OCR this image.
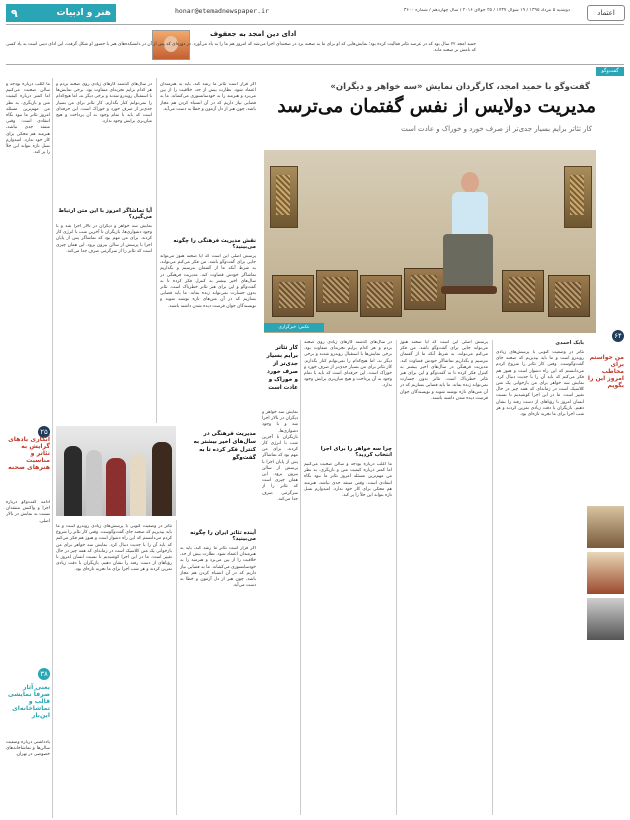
هنر و ادبیات
۹	honar@etemadnewspaper.ir	دوشنبه ۵ مرداد ۱۳۹۵ / ۱۹ شوال ۱۴۳۷ / ۲۵ جولای ۲۰۱۶ / سال چهاردهم / شماره ۳۶۰۰	اعتماد
ادای دین امجد به جعفوف
حمید امجد ۲۲ سال بود که در عرصه تئاتر فعالیت کرده بود؛ نمایش‌هایی که او برای ما به صحنه برد در صحنه‌ای اجرا می‌شد که امروز هم ما را به یاد می‌آورد. در دوره‌ای که پس از آن در دانشکده‌های هنر با حضور او شکل گرفت، این ادای دینی است به یاد کسی که نامش بر صحنه ماند.
گفت‌وگو
گفت‌وگو با حمید امجد، کارگردان نمایش «سه خواهر و دیگران»
مدیریت دولایس از نفس گفتمان می‌ترسد
کار تئاتر برایم بسیار جدی‌تر از صرف خورد و خوراک و عادت است
عکس: خبرگزاری
۶۴
من خواستم برای مخاطب امروز این را بگویم
بابک احمدی
تئاتر در وضعیت کنونی با پرسش‌های زیادی روبه‌رو است و ما باید بپذیریم که صحنه جای گفت‌وگوست. وقتی کار تئاتر را شروع کردم می‌دانستم که این راه دشوار است و هنوز هم فکر می‌کنم که باید آن را با جدیت دنبال کرد. نمایش سه خواهر برای من بازخوانی یک متن کلاسیک است در زمانه‌ای که همه چیز در حال تغییر است. ما در این اجرا کوشیدیم تا نسبت انسان امروز با رؤیاهای از دست رفته را نشان دهیم. بازیگران با دقت زیادی تمرین کردند و هر شب اجرا برای ما تجربه تازه‌ای بود.
پرسش اصلی این است که آیا صحنه هنوز می‌تواند جایی برای گفت‌وگو باشد. من فکر می‌کنم می‌تواند، به شرط آنکه ما از گفتمان نترسیم و بگذاریم تماشاگر خودش قضاوت کند. مدیریت فرهنگی در سال‌های اخیر بیشتر به کنترل فکر کرده تا به گفت‌وگو و این برای هنر تئاتر خطرناک است. تئاتر بدون جسارت نمی‌تواند زنده بماند. ما باید فضایی بسازیم که در آن متن‌های تازه نوشته شوند و نویسندگان جوان فرصت دیده شدن داشته باشند.
در سال‌های گذشته کارهای زیادی روی صحنه بردم و هر کدام برایم تجربه‌ای متفاوت بود. برخی نمایش‌ها با استقبال روبه‌رو شدند و برخی دیگر نه، اما هیچ‌کدام را نمی‌توانم کنار بگذارم. کار تئاتر برای من بسیار جدی‌تر از صرف خورد و خوراک است. این حرفه‌ای است که باید با تمام وجود به آن پرداخت و هیچ میان‌بری برایش وجود ندارد.
چرا سه خواهر را برای اجرا انتخاب کردید؟
ما اغلب درباره بودجه و سالن صحبت می‌کنیم اما کمتر درباره کیفیت متن و بازیگری. به نظر من مهم‌ترین مسئله امروز تئاتر ما نبود نگاه انتقادی است. وقتی منتقد جدی نباشد، هنرمند هم محکی برای کار خود ندارد. امیدوارم نسل تازه بتواند این خلأ را پر کند.
کار تئاتر برایم بسیار جدی‌تر از صرف خورد و خوراک و عادت است
نمایش سه خواهر و دیگران در تالار اجرا شد و با وجود دشواری‌ها، بازیگران تا آخرین شب با انرژی کار کردند. برای من مهم بود که تماشاگر پس از پایان اجرا با پرسش از سالن بیرون برود. این همان چیزی است که تئاتر را از سرگرمی صرف جدا می‌کند.
اگر قرار است تئاتر ما رشد کند، باید به هنرمندان اعتماد شود. نظارت بیش از حد، خلاقیت را از بین می‌برد و هنرمند را به خودسانسوری می‌کشاند. ما به فضایی نیاز داریم که در آن اشتباه کردن هم مجاز باشد، چون هنر از دل آزمون و خطا به دست می‌آید.
نقش مدیریت فرهنگی را چگونه می‌بینید؟
پرسش اصلی این است که آیا صحنه هنوز می‌تواند جایی برای گفت‌وگو باشد. من فکر می‌کنم می‌تواند، به شرط آنکه ما از گفتمان نترسیم و بگذاریم تماشاگر خودش قضاوت کند. مدیریت فرهنگی در سال‌های اخیر بیشتر به کنترل فکر کرده تا به گفت‌وگو و این برای هنر تئاتر خطرناک است. تئاتر بدون جسارت نمی‌تواند زنده بماند. ما باید فضایی بسازیم که در آن متن‌های تازه نوشته شوند و نویسندگان جوان فرصت دیده شدن داشته باشند.
در سال‌های گذشته کارهای زیادی روی صحنه بردم و هر کدام برایم تجربه‌ای متفاوت بود. برخی نمایش‌ها با استقبال روبه‌رو شدند و برخی دیگر نه، اما هیچ‌کدام را نمی‌توانم کنار بگذارم. کار تئاتر برای من بسیار جدی‌تر از صرف خورد و خوراک است. این حرفه‌ای است که باید با تمام وجود به آن پرداخت و هیچ میان‌بری برایش وجود ندارد.
آیا تماشاگر امروز با این متن ارتباط می‌گیرد؟
نمایش سه خواهر و دیگران در تالار اجرا شد و با وجود دشواری‌ها، بازیگران تا آخرین شب با انرژی کار کردند. برای من مهم بود که تماشاگر پس از پایان اجرا با پرسش از سالن بیرون برود. این همان چیزی است که تئاتر را از سرگرمی صرف جدا می‌کند.
۲۵
آنکاری بادهای گرایش به تئاتر و مناسبت هنرهای صحنه
ادامه گفت‌وگو درباره اجرا و واکنش منتقدان نسبت به نمایش در تالار اصلی.
ما اغلب درباره بودجه و سالن صحبت می‌کنیم اما کمتر درباره کیفیت متن و بازیگری. به نظر من مهم‌ترین مسئله امروز تئاتر ما نبود نگاه انتقادی است. وقتی منتقد جدی نباشد، هنرمند هم محکی برای کار خود ندارد. امیدوارم نسل تازه بتواند این خلأ را پر کند.
۳۸
یعنی آثار صرفاً نمایشی قالب و تماشاخانه‌ای این‌بار
مدیریت فرهنگی در سال‌های اخیر بیشتر به کنترل فکر کرده تا به گفت‌وگو
آینده تئاتر ایران را چگونه می‌بینید؟
اگر قرار است تئاتر ما رشد کند، باید به هنرمندان اعتماد شود. نظارت بیش از حد، خلاقیت را از بین می‌برد و هنرمند را به خودسانسوری می‌کشاند. ما به فضایی نیاز داریم که در آن اشتباه کردن هم مجاز باشد، چون هنر از دل آزمون و خطا به دست می‌آید.
تئاتر در وضعیت کنونی با پرسش‌های زیادی روبه‌رو است و ما باید بپذیریم که صحنه جای گفت‌وگوست. وقتی کار تئاتر را شروع کردم می‌دانستم که این راه دشوار است و هنوز هم فکر می‌کنم که باید آن را با جدیت دنبال کرد. نمایش سه خواهر برای من بازخوانی یک متن کلاسیک است در زمانه‌ای که همه چیز در حال تغییر است. ما در این اجرا کوشیدیم تا نسبت انسان امروز با رؤیاهای از دست رفته را نشان دهیم. بازیگران با دقت زیادی تمرین کردند و هر شب اجرا برای ما تجربه تازه‌ای بود.
یادداشتی درباره وضعیت سالن‌ها و تماشاخانه‌های خصوصی در تهران.
